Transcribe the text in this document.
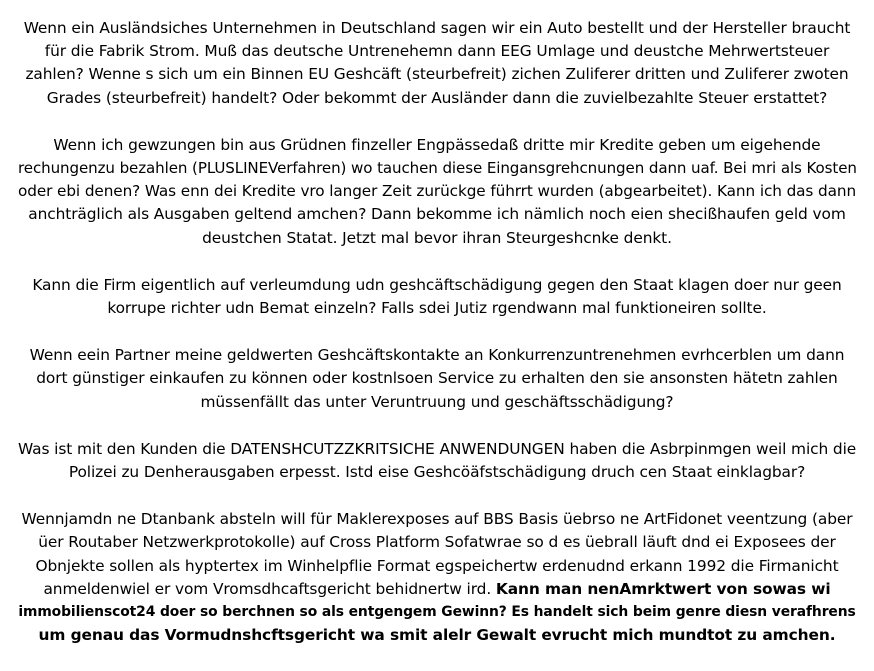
Wenn ein Ausländsiches Unternehmen in Deutschland sagen wir ein Auto bestellt und der Hersteller braucht
für die Fabrik Strom. Muß das deutsche Untrenehemn dann EEG Umlage und deustche Mehrwertsteuer
zahlen? Wenne s sich um ein Binnen EU Geshcäft (steurbefreit) zichen Zuliferer dritten und Zuliferer zwoten
Grades (steurbefreit) handelt? Oder bekommt der Ausländer dann die zuvielbezahlte Steuer erstattet?

Wenn ich gewzungen bin aus Grüdnen finzeller Engpässedaß dritte mir Kredite geben um eigehende
rechungenzu bezahlen (PLUSLINEVerfahren) wo tauchen diese Eingansgrehcnungen dann uaf. Bei mri als Kosten
oder ebi denen? Was enn dei Kredite vro langer Zeit zurückge führrt wurden (abgearbeitet). Kann ich das dann
anchträglich als Ausgaben geltend amchen? Dann bekomme ich nämlich noch eien shecißhaufen geld vom
deustchen Statat. Jetzt mal bevor ihran Steurgeshcnke denkt.

Kann die Firm eigentlich auf verleumdung udn geshcäftschädigung gegen den Staat klagen doer nur geen
korrupe richter udn Bemat einzeln? Falls sdei Jutiz rgendwann mal funktioneiren sollte.

Wenn eein Partner meine geldwerten Geshcäftskontakte an Konkurrenzuntrenehmen evrhcerblen um dann
dort günstiger einkaufen zu können oder kostnlsoen Service zu erhalten den sie ansonsten hätetn zahlen
müssenfällt das unter Veruntruung und geschäftsschädigung?

Was ist mit den Kunden die DATENSHCUTZZKRITSICHE ANWENDUNGEN haben die Asbrpinmgen weil mich die
Polizei zu Denherausgaben erpesst. Istd eise Geshcöäfstschädigung druch cen Staat einklagbar?

Wennjamdn ne Dtanbank absteln will für Maklerexposes auf BBS Basis üebrso ne ArtFidonet veentzung (aber
üer Routaber Netzwerkprotokolle) auf Cross Platform Sofatwrae so d es üebrall läuft dnd ei Exposees der
Obnjekte sollen als hyptertex im Winhelpflie Format egspeichertw erdenudnd erkann 1992 die Firmanicht
anmeldenwiel er vom Vromsdhcaftsgericht behidnertw ird. Kann man nenAmrktwert von sowas wi
immobilienscot24 doer so berchnen so als entgengem Gewinn? Es handelt sich beim genre diesn verafhrens
um genau das Vormudnshcftsgericht wa smit alelr Gewalt evrucht mich mundtot zu amchen.
